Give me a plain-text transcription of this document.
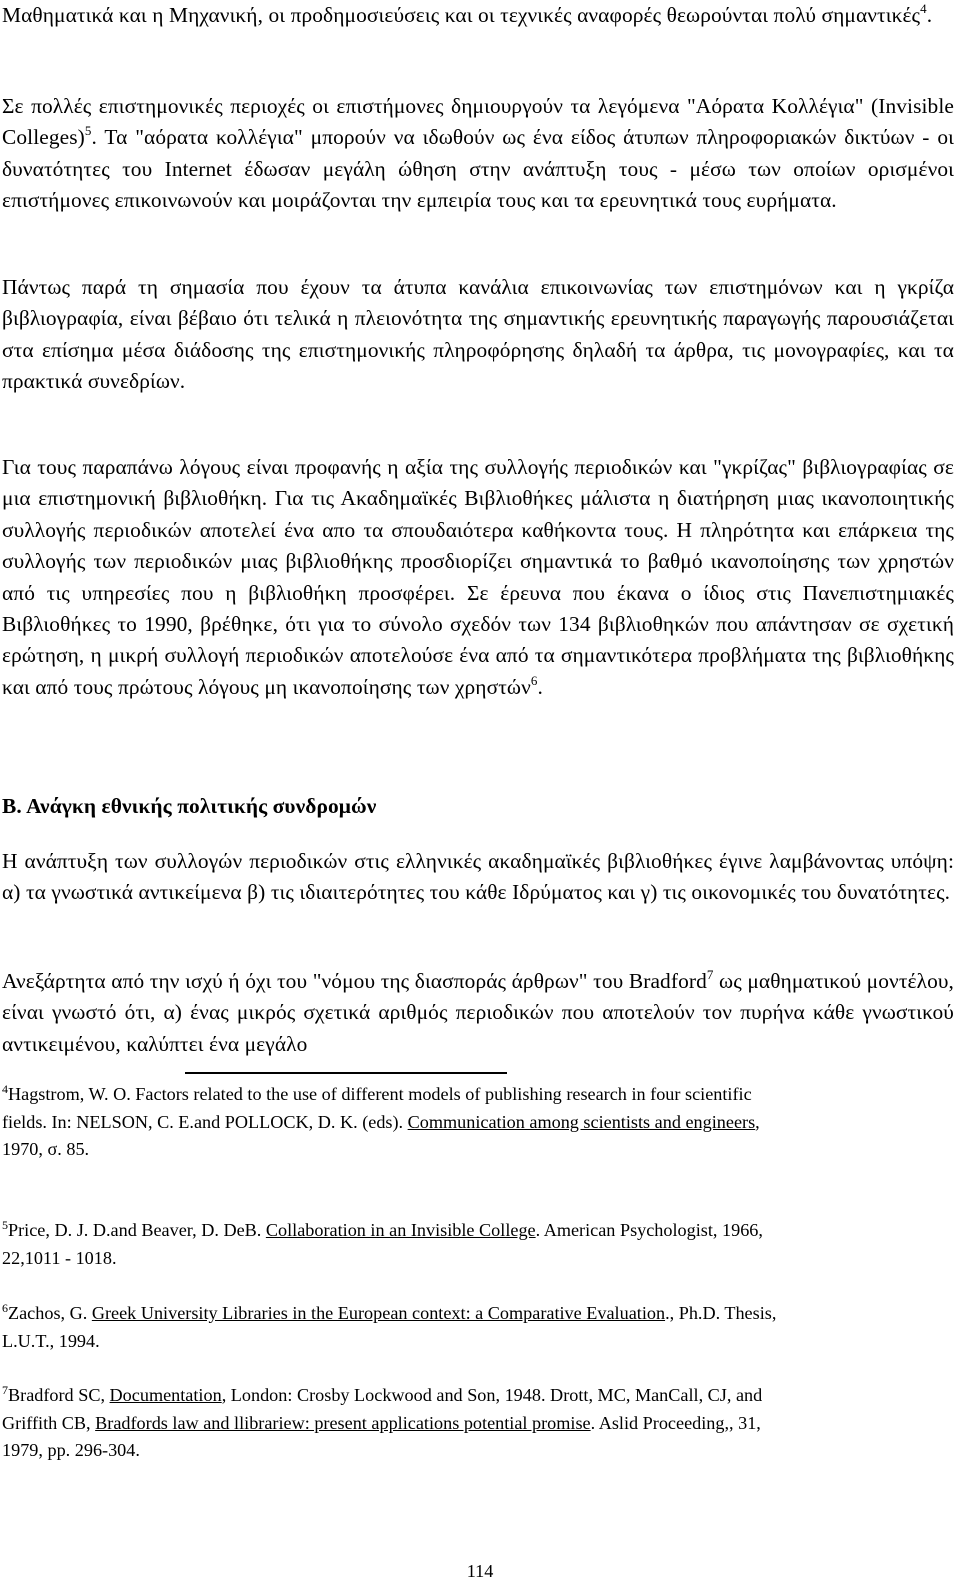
Μαθηματικά και η Μηχανική, οι προδημοσιεύσεις και οι τεχνικές αναφορές θεωρούνται πολύ σημαντικές$^4$.

Σε πολλές επιστημονικές περιοχές οι επιστήμονες δημιουργούν τα λεγόμενα "Αόρατα Κολλέγια" (Invisible Colleges)$^5$. Τα "αόρατα κολλέγια" μπορούν να ιδωθούν ως ένα είδος άτυπων πληροφοριακών δικτύων - οι δυνατότητες του Internet έδωσαν μεγάλη ώθηση στην ανάπτυξη τους - μέσω των οποίων ορισμένοι επιστήμονες επικοινωνούν και μοιράζονται την εμπειρία τους και τα ερευνητικά τους ευρήματα.

Πάντως παρά τη σημασία που έχουν τα άτυπα κανάλια επικοινωνίας των επιστημόνων και η γκρίζα βιβλιογραφία, είναι βέβαιο ότι τελικά η πλειονότητα της σημαντικής ερευνητικής παραγωγής παρουσιάζεται στα επίσημα μέσα διάδοσης της επιστημονικής πληροφόρησης δηλαδή τα άρθρα, τις μονογραφίες, και τα πρακτικά συνεδρίων.

Για τους παραπάνω λόγους είναι προφανής η αξία της συλλογής περιοδικών και "γκρίζας" βιβλιογραφίας σε μια επιστημονική βιβλιοθήκη. Για τις Ακαδημαϊκές Βιβλιοθήκες μάλιστα η διατήρηση μιας ικανοποιητικής συλλογής περιοδικών αποτελεί ένα απο τα σπουδαιότερα καθήκοντα τους. Η πληρότητα και επάρκεια της συλλογής των περιοδικών μιας βιβλιοθήκης προσδιορίζει σημαντικά το βαθμό ικανοποίησης των χρηστών από τις υπηρεσίες που η βιβλιοθήκη προσφέρει. Σε έρευνα που έκανα ο ίδιος στις Πανεπιστημιακές Βιβλιοθήκες το 1990, βρέθηκε, ότι για το σύνολο σχεδόν των 134 βιβλιοθηκών που απάντησαν σε σχετική ερώτηση, η μικρή συλλογή περιοδικών αποτελούσε ένα από τα σημαντικότερα προβλήματα της βιβλιοθήκης και από τους πρώτους λόγους μη ικανοποίησης των χρηστών$^6$.

Β. Ανάγκη εθνικής πολιτικής συνδρομών

Η ανάπτυξη των συλλογών περιοδικών στις ελληνικές ακαδημαϊκές βιβλιοθήκες έγινε λαμβάνοντας υπόψη: α) τα γνωστικά αντικείμενα β) τις ιδιαιτερότητες του κάθε Ιδρύματος και γ) τις οικονομικές του δυνατότητες.

Ανεξάρτητα από την ισχύ ή όχι του "νόμου της διασποράς άρθρων" του Bradford$^7$ ως μαθηματικού μοντέλου, είναι γνωστό ότι, α) ένας μικρός σχετικά αριθμός περιοδικών που αποτελούν τον πυρήνα κάθε γνωστικού αντικειμένου, καλύπτει ένα μεγάλο

$^4$Hagstrom, W. O. Factors related to the use of different models of publishing research in four scientific fields. In: NELSON, C. E.and POLLOCK, D. K. (eds). Communication among scientists and engineers, 1970, σ. 85.

$^5$Price, D. J. D.and Beaver, D. DeB. Collaboration in an Invisible College. American Psychologist, 1966, 22,1011 - 1018.

$^6$Zachos, G. Greek University Libraries in the European context: a Comparative Evaluation., Ph.D. Thesis, L.U.T., 1994.

$^7$Bradford SC, Documentation, London: Crosby Lockwood and Son, 1948. Drott, MC, ManCall, CJ, and Griffith CB, Bradfords law and llibrariew: present applications potential promise. Aslid Proceeding,, 31, 1979, pp. 296-304.

114
